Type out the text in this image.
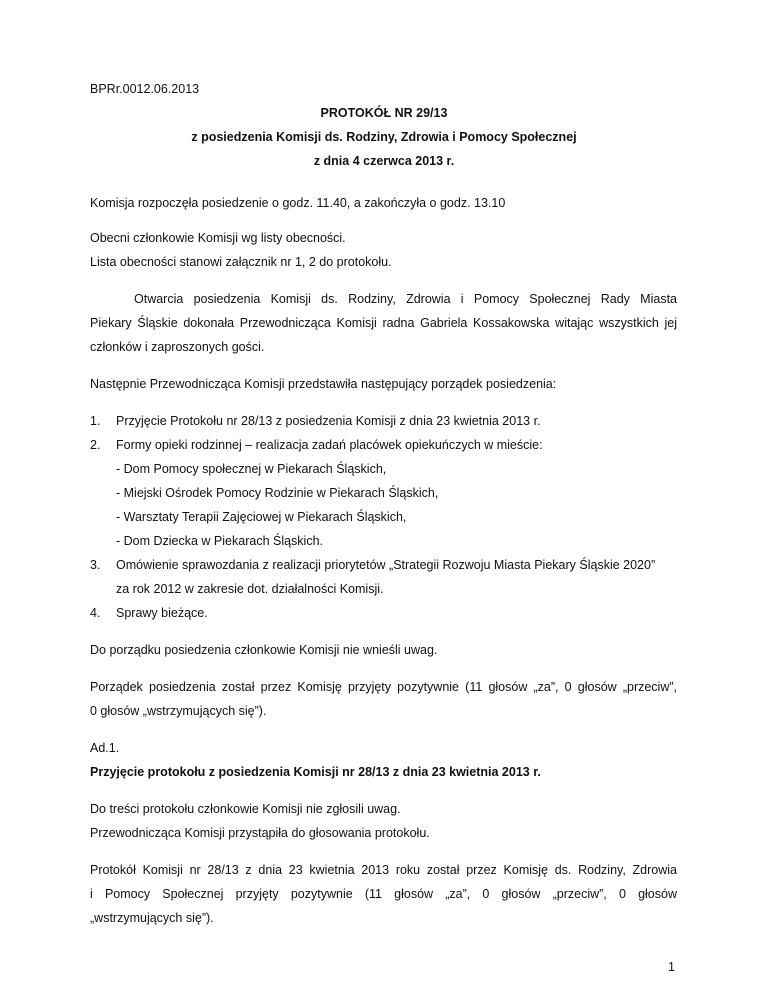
BPRr.0012.06.2013
PROTOKÓŁ NR 29/13
z posiedzenia Komisji ds. Rodziny, Zdrowia i Pomocy Społecznej
z dnia 4 czerwca 2013 r.
Komisja rozpoczęła posiedzenie o godz. 11.40, a zakończyła o godz. 13.10
Obecni członkowie Komisji wg listy obecności.
Lista obecności stanowi załącznik nr 1, 2 do protokołu.
Otwarcia posiedzenia Komisji ds. Rodziny, Zdrowia i Pomocy Społecznej Rady Miasta
Piekary Śląskie dokonała Przewodnicząca Komisji radna Gabriela Kossakowska witając wszystkich jej
członków i zaproszonych gości.
Następnie Przewodnicząca Komisji przedstawiła następujący porządek posiedzenia:
1. Przyjęcie Protokołu nr 28/13 z posiedzenia Komisji z dnia 23 kwietnia 2013 r.
2. Formy opieki rodzinnej – realizacja zadań placówek opiekuńczych w mieście:
- Dom Pomocy społecznej w Piekarach Śląskich,
- Miejski Ośrodek Pomocy Rodzinie w Piekarach Śląskich,
- Warsztaty Terapii Zajęciowej w Piekarach Śląskich,
- Dom Dziecka w Piekarach Śląskich.
3. Omówienie sprawozdania z realizacji priorytetów „Strategii Rozwoju Miasta Piekary Śląskie 2020”
za rok 2012 w zakresie dot. działalności Komisji.
4. Sprawy bieżące.
Do porządku posiedzenia członkowie Komisji nie wnieśli uwag.
Porządek posiedzenia został przez Komisję przyjęty pozytywnie (11 głosów „za”, 0 głosów „przeciw”,
0 głosów „wstrzymujących się”).
Ad.1.
Przyjęcie protokołu z posiedzenia Komisji nr 28/13 z dnia 23 kwietnia 2013 r.
Do treści protokołu członkowie Komisji nie zgłosili uwag.
Przewodnicząca Komisji przystąpiła do głosowania protokołu.
Protokół Komisji nr 28/13 z dnia 23 kwietnia 2013 roku został przez Komisję ds. Rodziny, Zdrowia
i Pomocy Społecznej przyjęty pozytywnie (11 głosów „za”, 0 głosów „przeciw”, 0 głosów
„wstrzymujących się”).
1
